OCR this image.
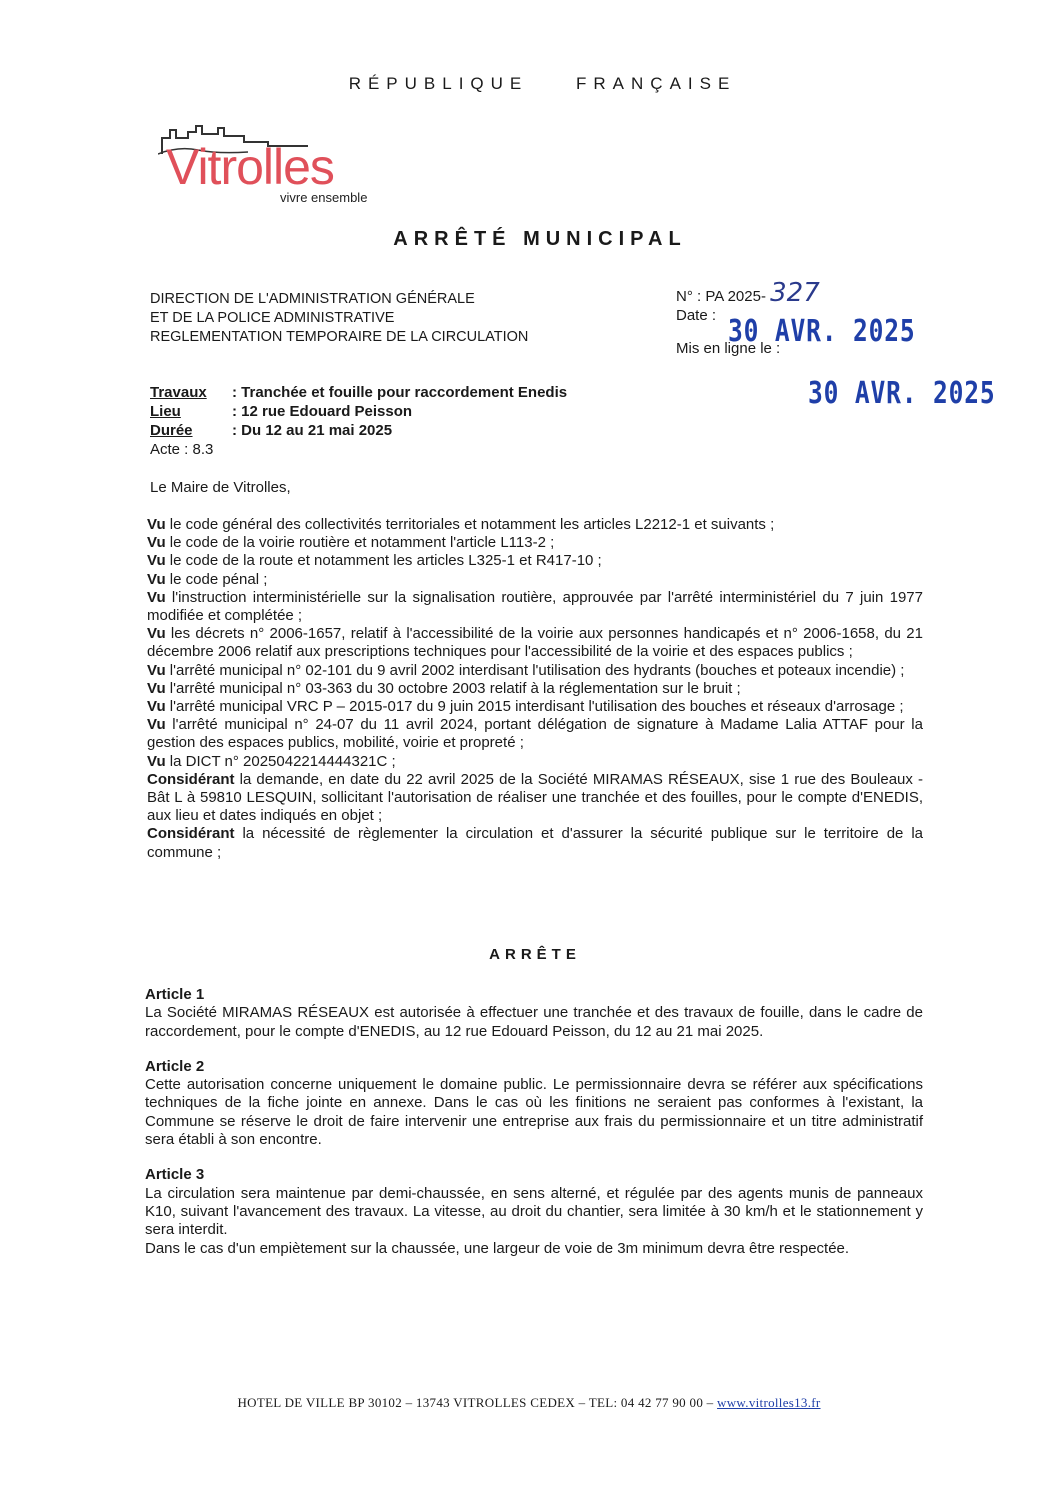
RÉPUBLIQUE	FRANÇAISE
Vitrolles
vivre ensemble
ARRÊTÉ MUNICIPAL
DIRECTION DE L'ADMINISTRATION GÉNÉRALE
ET DE LA POLICE ADMINISTRATIVE
REGLEMENTATION TEMPORAIRE DE LA CIRCULATION
N° : PA 2025- 327
Date :
Mis en ligne le :
30 AVR. 2025
30 AVR. 2025
Travaux : Tranchée et fouille pour raccordement Enedis
Lieu	: 12 rue Edouard Peisson
Durée	: Du 12 au 21 mai 2025
Acte : 8.3
Le Maire de Vitrolles,

Vu le code général des collectivités territoriales et notamment les articles L2212-1 et suivants ;

Vu le code de la voirie routière et notamment l'article L113-2 ;

Vu le code de la route et notamment les articles L325-1 et R417-10 ;

Vu le code pénal ;

Vu l'instruction interministérielle sur la signalisation routière, approuvée par l'arrêté interministériel du 7 juin 1977 modifiée et complétée ;

Vu les décrets n° 2006-1657, relatif à l'accessibilité de la voirie aux personnes handicapés et n° 2006-1658, du 21 décembre 2006 relatif aux prescriptions techniques pour l'accessibilité de la voirie et des espaces publics ;

Vu l'arrêté municipal n° 02-101 du 9 avril 2002 interdisant l'utilisation des hydrants (bouches et poteaux incendie) ;

Vu l'arrêté municipal n° 03-363 du 30 octobre 2003 relatif à la réglementation sur le bruit ;

Vu l'arrêté municipal VRC P – 2015-017 du 9 juin 2015 interdisant l'utilisation des bouches et réseaux d'arrosage ;

Vu l'arrêté municipal n° 24-07 du 11 avril 2024, portant délégation de signature à Madame Lalia ATTAF pour la gestion des espaces publics, mobilité, voirie et propreté ;

Vu la DICT n° 2025042214444321C ;

Considérant la demande, en date du 22 avril 2025 de la Société MIRAMAS RÉSEAUX, sise 1 rue des Bouleaux - Bât L à 59810 LESQUIN, sollicitant l'autorisation de réaliser une tranchée et des fouilles, pour le compte d'ENEDIS, aux lieu et dates indiqués en objet ;

Considérant la nécessité de règlementer la circulation et d'assurer la sécurité publique sur le territoire de la commune ;

ARRÊTE
Article 1

La Société MIRAMAS RÉSEAUX est autorisée à effectuer une tranchée et des travaux de fouille, dans le cadre de raccordement, pour le compte d'ENEDIS, au 12 rue Edouard Peisson, du 12 au 21 mai 2025.

Article 2

Cette autorisation concerne uniquement le domaine public. Le permissionnaire devra se référer aux spécifications techniques de la fiche jointe en annexe. Dans le cas où les finitions ne seraient pas conformes à l'existant, la Commune se réserve le droit de faire intervenir une entreprise aux frais du permissionnaire et un titre administratif sera établi à son encontre.

Article 3

La circulation sera maintenue par demi-chaussée, en sens alterné, et régulée par des agents munis de panneaux K10, suivant l'avancement des travaux. La vitesse, au droit du chantier, sera limitée à 30 km/h et le stationnement y sera interdit.
Dans le cas d'un empiètement sur la chaussée, une largeur de voie de 3m minimum devra être respectée.

HOTEL DE VILLE BP 30102 – 13743 VITROLLES CEDEX – TEL: 04 42 77 90 00 – www.vitrolles13.fr
